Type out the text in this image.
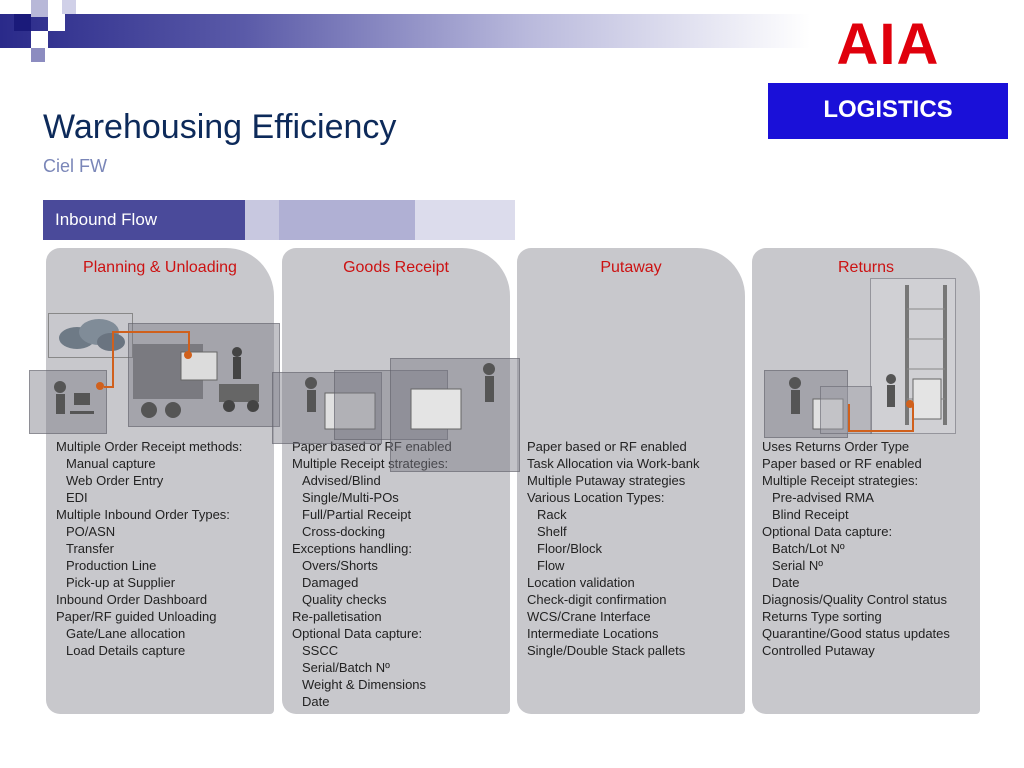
AIA
LOGISTICS
Warehousing Efficiency
Ciel FW
Inbound Flow
Planning & Unloading
Multiple Order Receipt methods:
Manual capture
Web Order Entry
EDI
Multiple Inbound Order Types:
PO/ASN
Transfer
Production Line
Pick-up at Supplier
Inbound Order Dashboard
Paper/RF guided Unloading
Gate/Lane allocation
Load Details capture
Goods Receipt
Paper based or RF enabled
Multiple Receipt strategies:
Advised/Blind
Single/Multi-POs
Full/Partial Receipt
Cross-docking
Exceptions handling:
Overs/Shorts
Damaged
Quality checks
Re-palletisation
Optional Data capture:
SSCC
Serial/Batch Nº
Weight & Dimensions
Date
Putaway
Paper based or RF enabled
Task Allocation via Work-bank
Multiple Putaway strategies
Various Location Types:
Rack
Shelf
Floor/Block
Flow
Location validation
Check-digit confirmation
WCS/Crane Interface
Intermediate Locations
Single/Double Stack pallets
Returns
Uses Returns Order Type
Paper based or RF enabled
Multiple Receipt strategies:
Pre-advised RMA
Blind Receipt
Optional Data capture:
Batch/Lot Nº
Serial Nº
Date
Diagnosis/Quality Control status
Returns Type sorting
Quarantine/Good status updates
Controlled Putaway
